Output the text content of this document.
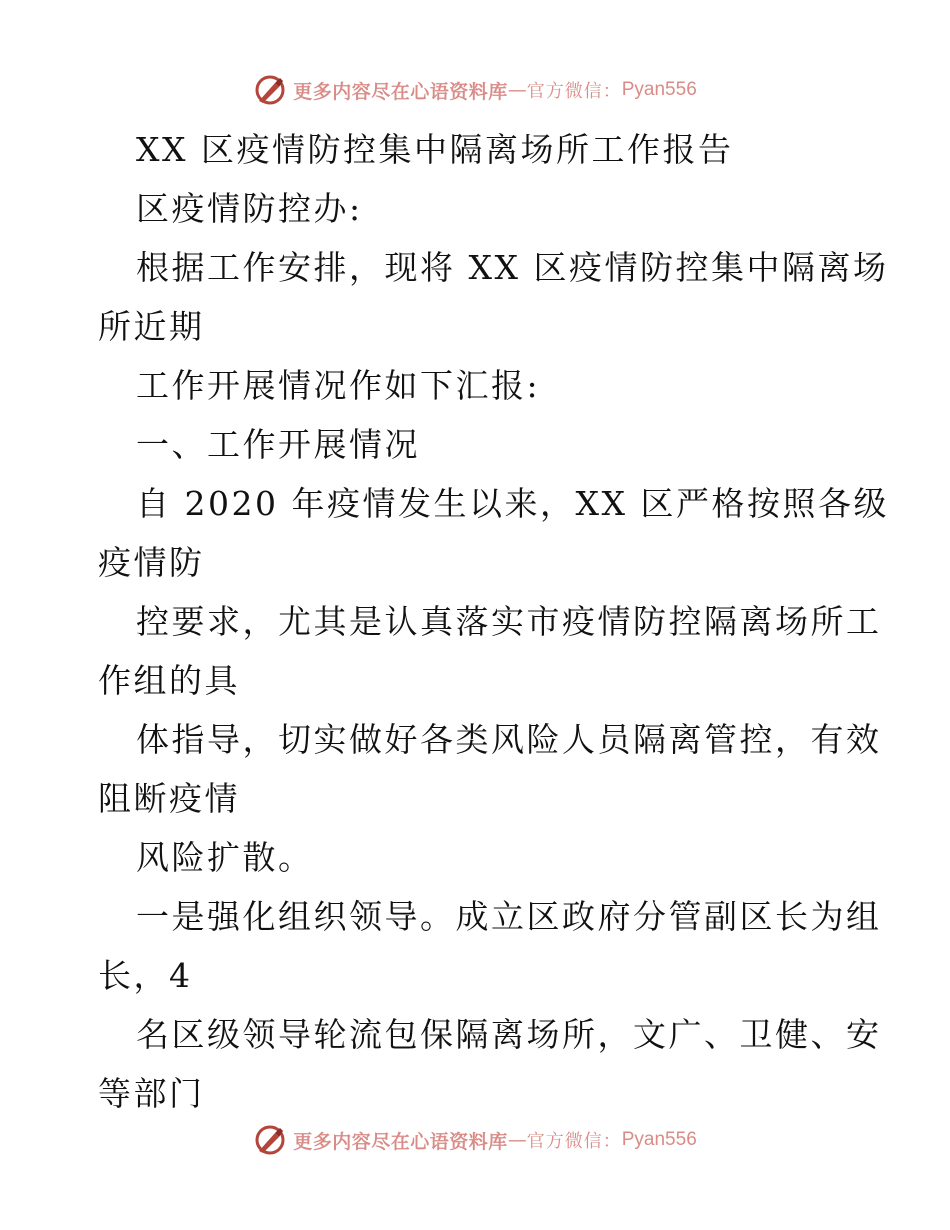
更多内容尽在心语资料库 — 官方微信： Pyan556
XX 区疫情防控集中隔离场所工作报告
区疫情防控办:
根据工作安排，现将 XX 区疫情防控集中隔离场
所近期
工作开展情况作如下汇报:
一、工作开展情况
自 2020 年疫情发生以来，XX 区严格按照各级
疫情防
控要求，尤其是认真落实市疫情防控隔离场所工
作组的具
体指导，切实做好各类风险人员隔离管控，有效
阻断疫情
风险扩散。
一是强化组织领导。成立区政府分管副区长为组
长，4
名区级领导轮流包保隔离场所，文广、卫健、安
等部门
更多内容尽在心语资料库 — 官方微信： Pyan556
